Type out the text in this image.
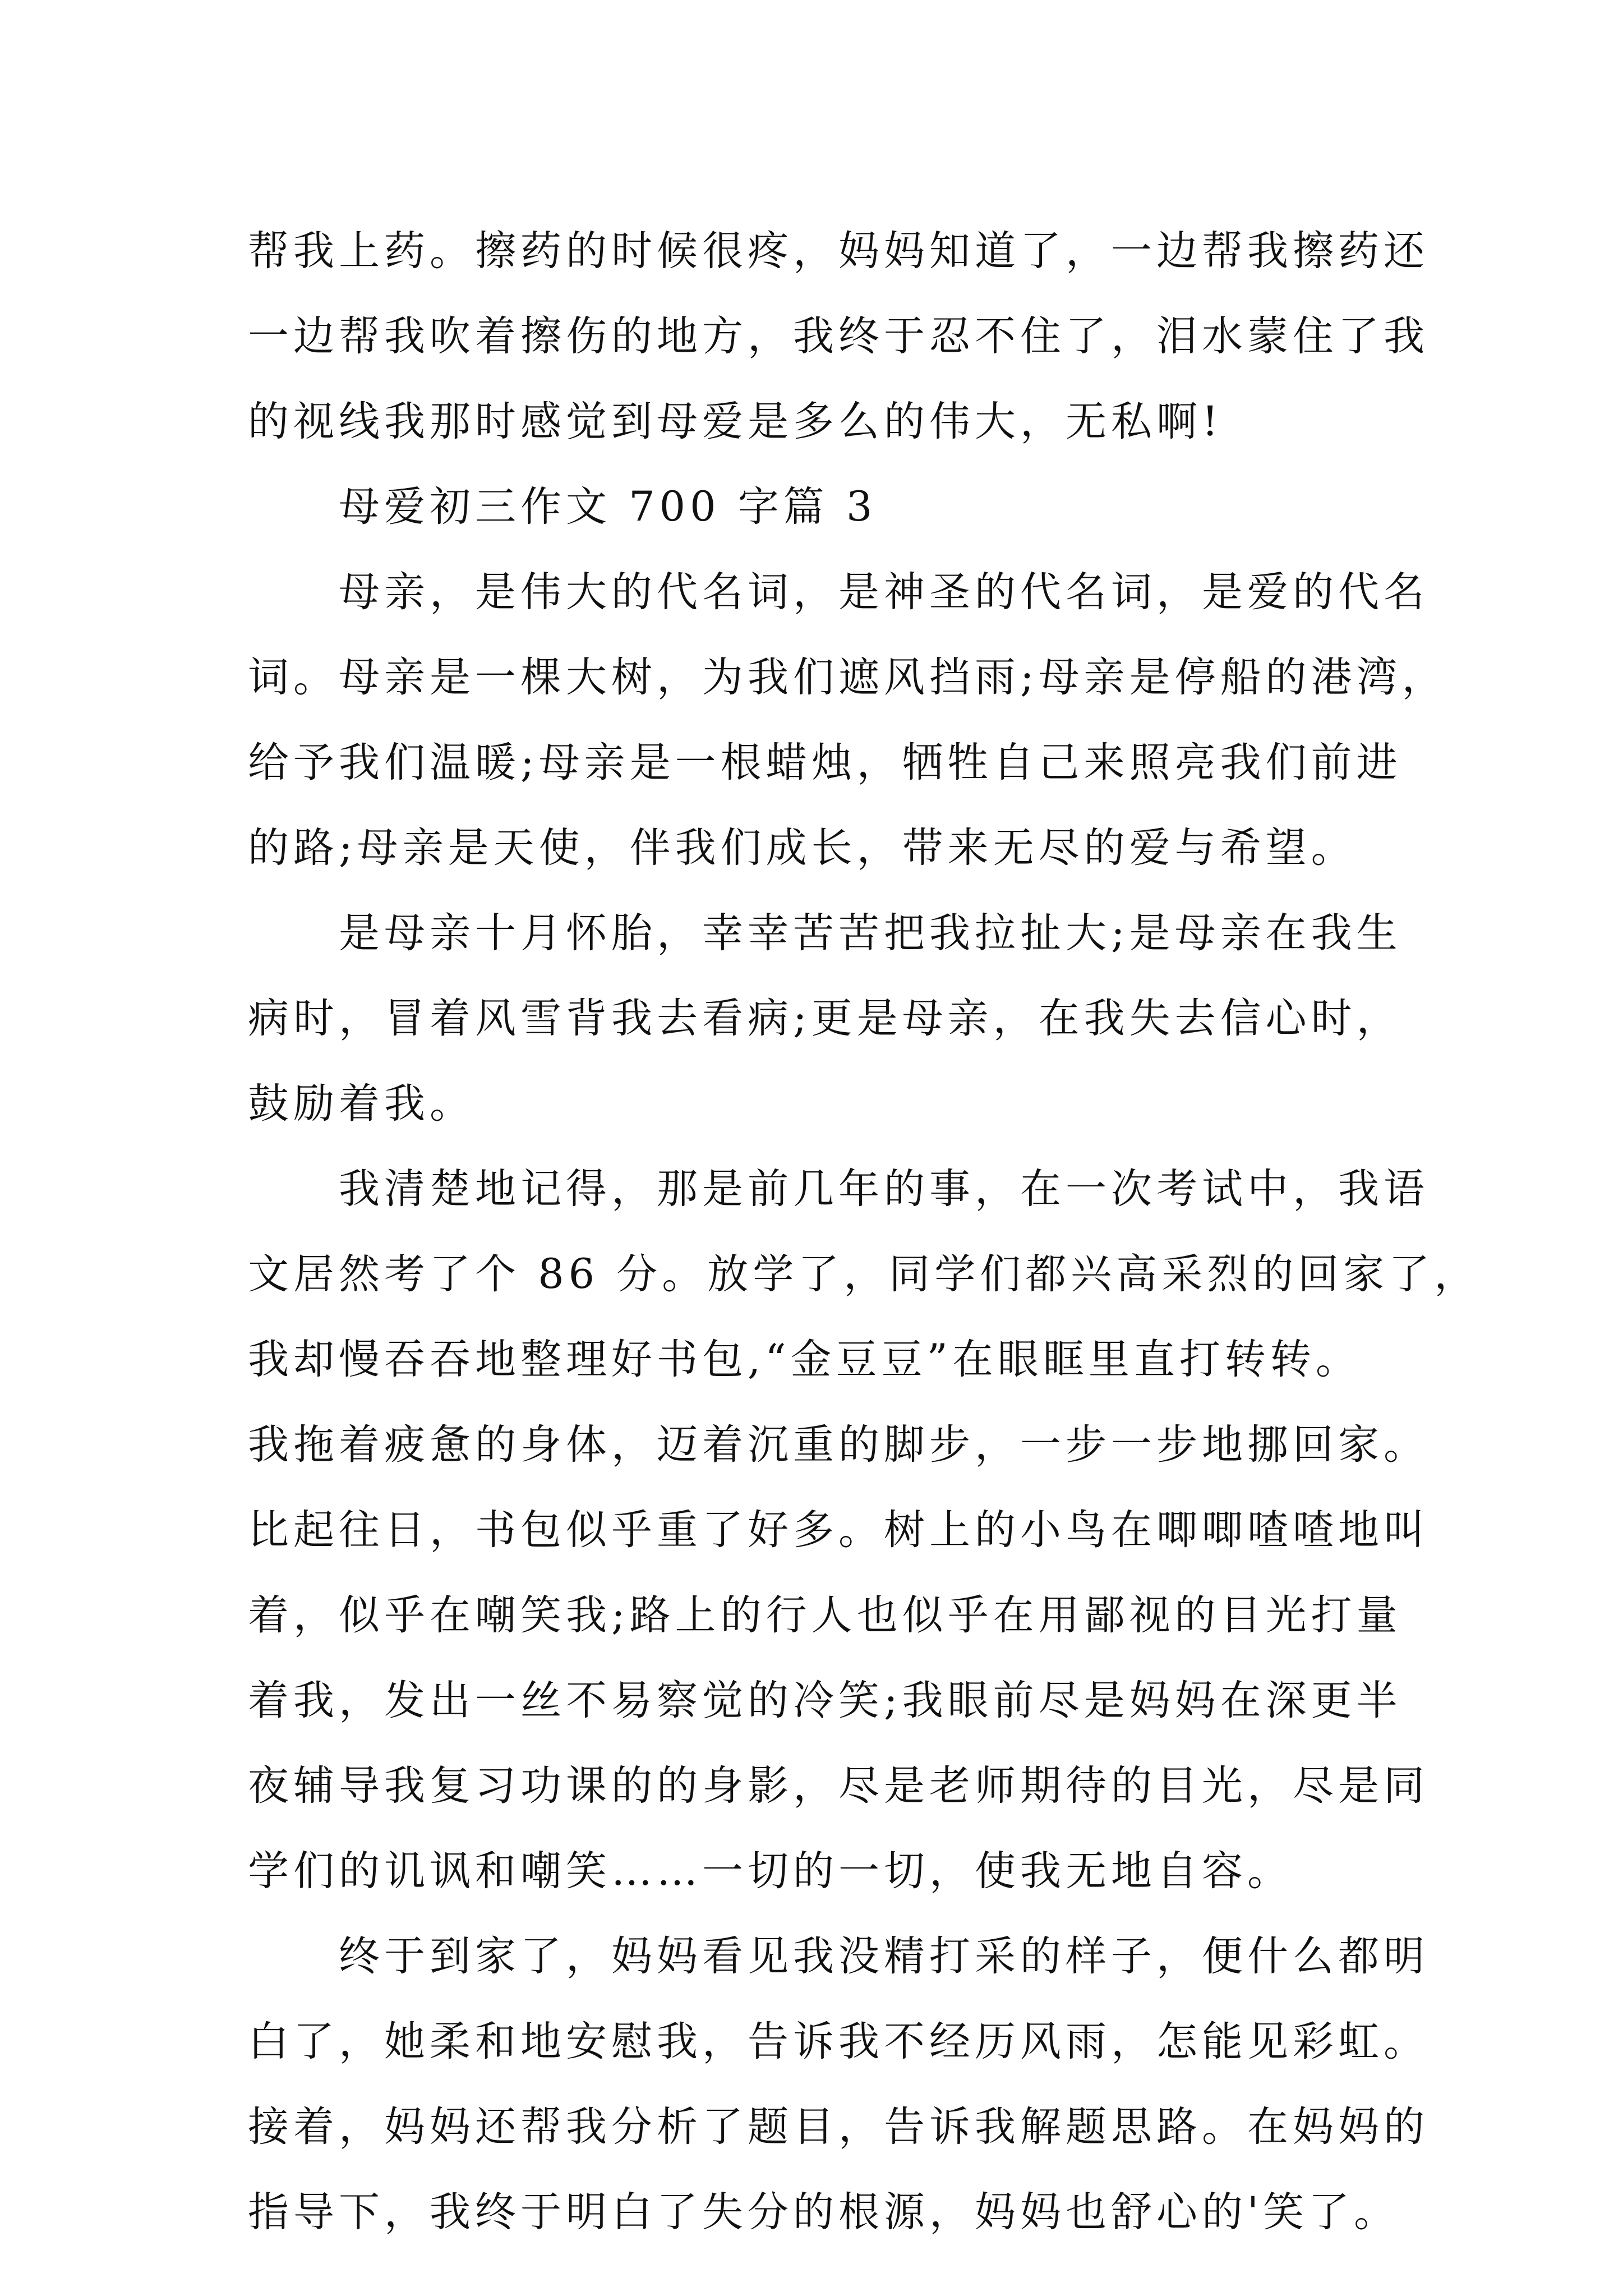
帮我上药。擦药的时候很疼，妈妈知道了，一边帮我擦药还
一边帮我吹着擦伤的地方，我终于忍不住了，泪水蒙住了我
的视线我那时感觉到母爱是多么的伟大，无私啊!
母爱初三作文 700 字篇 3
母亲，是伟大的代名词，是神圣的代名词，是爱的代名
词。母亲是一棵大树，为我们遮风挡雨;母亲是停船的港湾，
给予我们温暖;母亲是一根蜡烛，牺牲自己来照亮我们前进
的路;母亲是天使，伴我们成长，带来无尽的爱与希望。
是母亲十月怀胎，幸幸苦苦把我拉扯大;是母亲在我生
病时，冒着风雪背我去看病;更是母亲，在我失去信心时，
鼓励着我。
我清楚地记得，那是前几年的事，在一次考试中，我语
文居然考了个 86 分。放学了，同学们都兴高采烈的回家了，
我却慢吞吞地整理好书包,“金豆豆”在眼眶里直打转转。
我拖着疲惫的身体，迈着沉重的脚步，一步一步地挪回家。
比起往日，书包似乎重了好多。树上的小鸟在唧唧喳喳地叫
着，似乎在嘲笑我;路上的行人也似乎在用鄙视的目光打量
着我，发出一丝不易察觉的冷笑;我眼前尽是妈妈在深更半
夜辅导我复习功课的的身影，尽是老师期待的目光，尽是同
学们的讥讽和嘲笑……一切的一切，使我无地自容。
终于到家了，妈妈看见我没精打采的样子，便什么都明
白了，她柔和地安慰我，告诉我不经历风雨，怎能见彩虹。
接着，妈妈还帮我分析了题目，告诉我解题思路。在妈妈的
指导下，我终于明白了失分的根源，妈妈也舒心的'笑了。
